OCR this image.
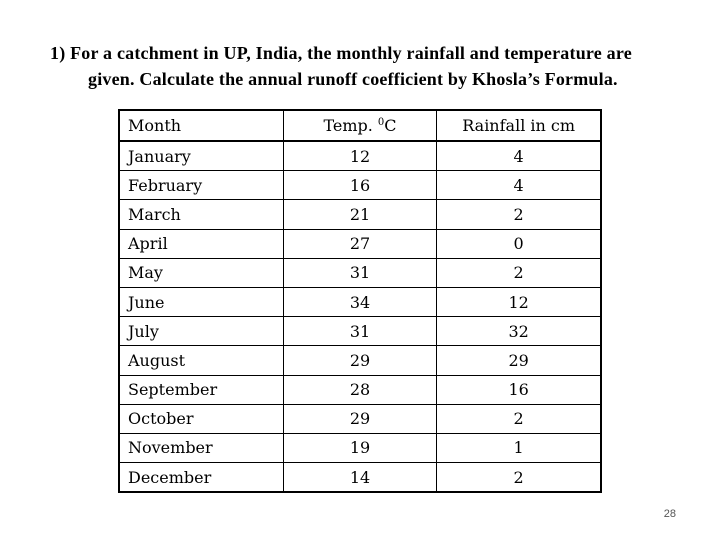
1) For a catchment in UP, India, the monthly rainfall and temperature are
given. Calculate the annual runoff coefficient by Khosla’s Formula.
Month	Temp. $^0$C	Rainfall in cm
January	12	4
February	16	4
March	21	2
April	27	0
May	31	2
June	34	12
July	31	32
August	29	29
September	28	16
October	29	2
November	19	1
December	14	2
28
